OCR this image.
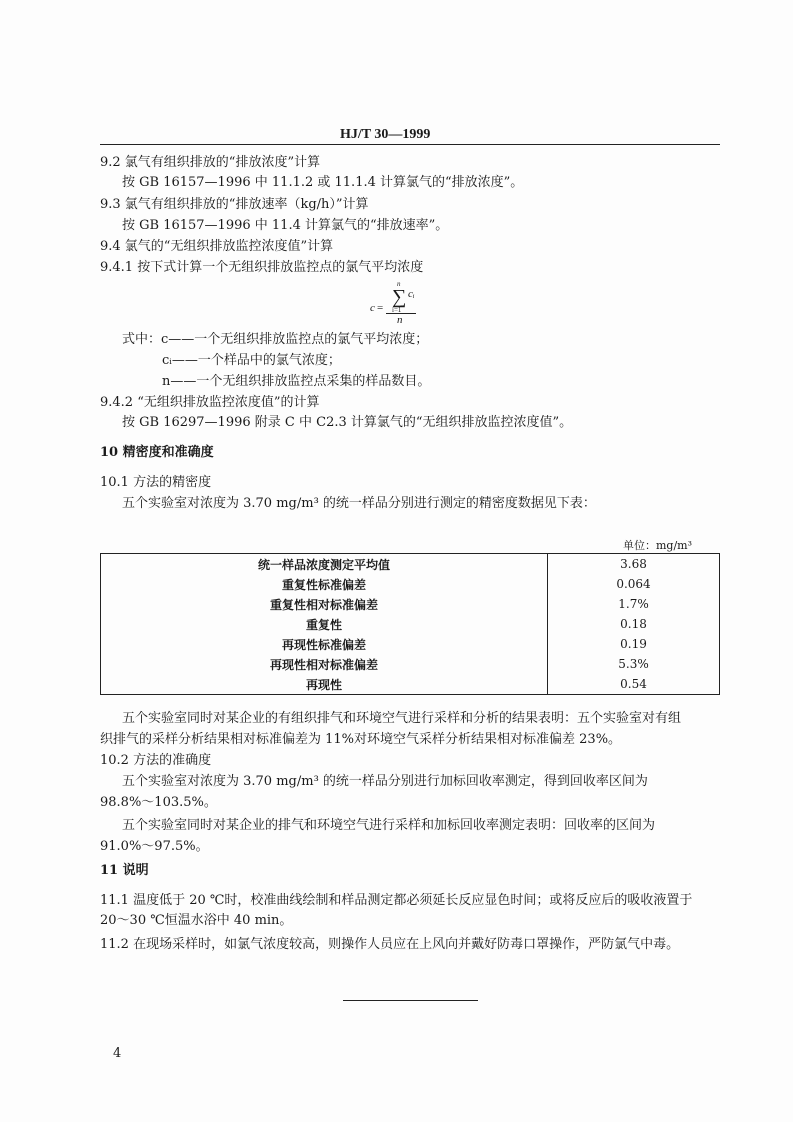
HJ/T 30—1999
9.2 氯气有组织排放的“排放浓度”计算
按 GB 16157—1996 中 11.1.2 或 11.1.4 计算氯气的“排放浓度”。
9.3 氯气有组织排放的“排放速率（kg/h）”计算
按 GB 16157—1996 中 11.4 计算氯气的“排放速率”。
9.4 氯气的“无组织排放监控浓度值”计算
9.4.1 按下式计算一个无组织排放监控点的氯气平均浓度
n
∑ cᵢ
i=1
c =
n
式中：c——一个无组织排放监控点的氯气平均浓度；
cᵢ——一个样品中的氯气浓度；
n——一个无组织排放监控点采集的样品数目。
9.4.2 “无组织排放监控浓度值”的计算
按 GB 16297—1996 附录 C 中 C2.3 计算氯气的“无组织排放监控浓度值”。
10 精密度和准确度
10.1 方法的精密度
五个实验室对浓度为 3.70 mg/m³ 的统一样品分别进行测定的精密度数据见下表：
单位：mg/m³
统一样品浓度测定平均值	3.68
重复性标准偏差	0.064
重复性相对标准偏差	1.7%
重复性	0.18
再现性标准偏差	0.19
再现性相对标准偏差	5.3%
再现性	0.54
五个实验室同时对某企业的有组织排气和环境空气进行采样和分析的结果表明：五个实验室对有组
织排气的采样分析结果相对标准偏差为 11%对环境空气采样分析结果相对标准偏差 23%。
10.2 方法的准确度
五个实验室对浓度为 3.70 mg/m³ 的统一样品分别进行加标回收率测定，得到回收率区间为
98.8%～103.5%。
五个实验室同时对某企业的排气和环境空气进行采样和加标回收率测定表明：回收率的区间为
91.0%～97.5%。
11 说明
11.1 温度低于 20 ℃时，校准曲线绘制和样品测定都必须延长反应显色时间；或将反应后的吸收液置于
20～30 ℃恒温水浴中 40 min。
11.2 在现场采样时，如氯气浓度较高，则操作人员应在上风向并戴好防毒口罩操作，严防氯气中毒。
4
